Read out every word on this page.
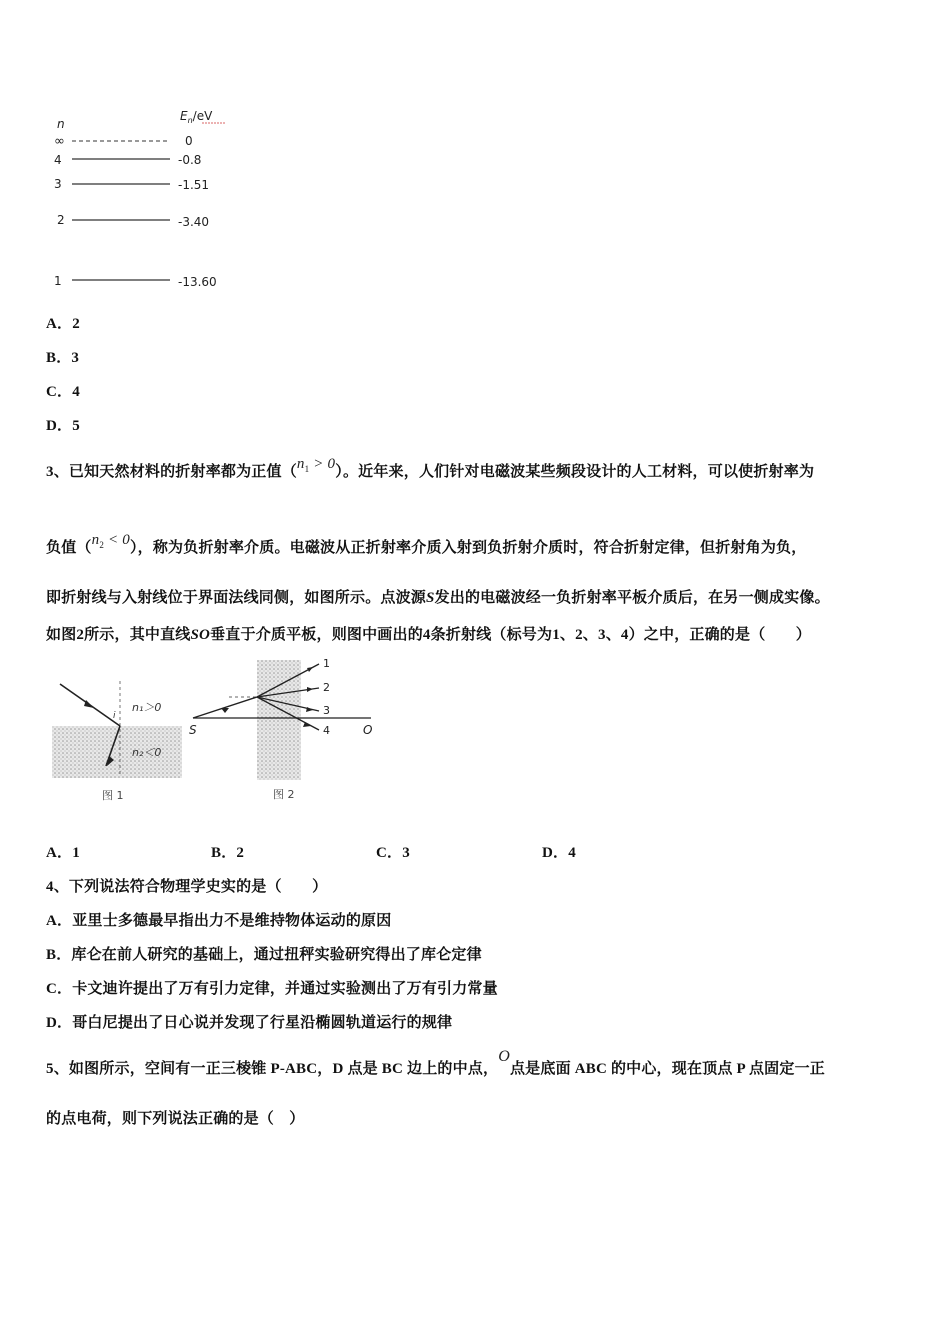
n
$E_n/eV$
∞	0
4	-0.8
3	-1.51
2	-3.40
1	-13.60
A．2
B．3
C．4
D．5
3、已知天然材料的折射率都为正值$(n_1 > 0)$。近年来，人们针对电磁波某些频段设计的人工材料，可以使折射率为
负值$(n_2 < 0)$，称为负折射率介质。电磁波从正折射率介质入射到负折射介质时，符合折射定律，但折射角为负，
即折射线与入射线位于界面法线同侧，如图所示。点波源S发出的电磁波经一负折射率平板介质后，在另一侧成实像。
如图2所示，其中直线SO垂直于介质平板，则图中画出的4条折射线（标号为1、2、3、4）之中，正确的是（　　）
i
n₁＞0
n₂＜0
图 1
1
2
3
4
S	O
图 2
A．1	B．2	C．3	D．4
4、下列说法符合物理学史实的是（　　）
A．亚里士多德最早指出力不是维持物体运动的原因
B．库仑在前人研究的基础上，通过扭秤实验研究得出了库仑定律
C．卡文迪许提出了万有引力定律，并通过实验测出了万有引力常量
D．哥白尼提出了日心说并发现了行星沿椭圆轨道运行的规律
5、如图所示，空间有一正三棱锥 P-ABC，D 点是 BC 边上的中点，O点是底面 ABC 的中心，现在顶点 P 点固定一正
的点电荷，则下列说法正确的是（　）
